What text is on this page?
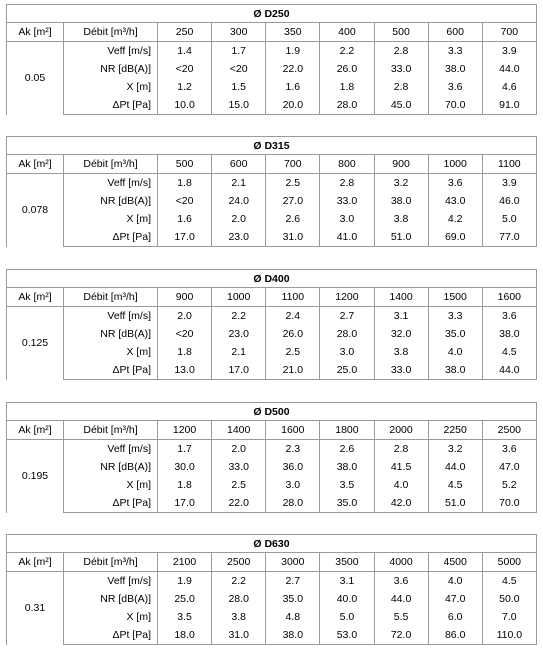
Ø D250								
Ak [m²]	Débit [m³/h]	250	300	350	400	500	600	700
0.05	Veff [m/s]	1.4	1.7	1.9	2.2	2.8	3.3	3.9
	NR [dB(A)]	<20	<20	22.0	26.0	33.0	38.0	44.0
	X [m]	1.2	1.5	1.6	1.8	2.8	3.6	4.6
	ΔPt [Pa]	10.0	15.0	20.0	28.0	45.0	70.0	91.0
Ø D315								
Ak [m²]	Débit [m³/h]	500	600	700	800	900	1000	1100
0.078	Veff [m/s]	1.8	2.1	2.5	2.8	3.2	3.6	3.9
	NR [dB(A)]	<20	24.0	27.0	33.0	38.0	43.0	46.0
	X [m]	1.6	2.0	2.6	3.0	3.8	4.2	5.0
	ΔPt [Pa]	17.0	23.0	31.0	41.0	51.0	69.0	77.0
Ø D400								
Ak [m²]	Débit [m³/h]	900	1000	1100	1200	1400	1500	1600
0.125	Veff [m/s]	2.0	2.2	2.4	2.7	3.1	3.3	3.6
	NR [dB(A)]	<20	23.0	26.0	28.0	32.0	35.0	38.0
	X [m]	1.8	2.1	2.5	3.0	3.8	4.0	4.5
	ΔPt [Pa]	13.0	17.0	21.0	25.0	33.0	38.0	44.0
Ø D500								
Ak [m²]	Débit [m³/h]	1200	1400	1600	1800	2000	2250	2500
0.195	Veff [m/s]	1.7	2.0	2.3	2.6	2.8	3.2	3.6
	NR [dB(A)]	30.0	33.0	36.0	38.0	41.5	44.0	47.0
	X [m]	1.8	2.5	3.0	3.5	4.0	4.5	5.2
	ΔPt [Pa]	17.0	22.0	28.0	35.0	42.0	51.0	70.0
Ø D630								
Ak [m²]	Débit [m³/h]	2100	2500	3000	3500	4000	4500	5000
0.31	Veff [m/s]	1.9	2.2	2.7	3.1	3.6	4.0	4.5
	NR [dB(A)]	25.0	28.0	35.0	40.0	44.0	47.0	50.0
	X [m]	3.5	3.8	4.8	5.0	5.5	6.0	7.0
	ΔPt [Pa]	18.0	31.0	38.0	53.0	72.0	86.0	110.0
